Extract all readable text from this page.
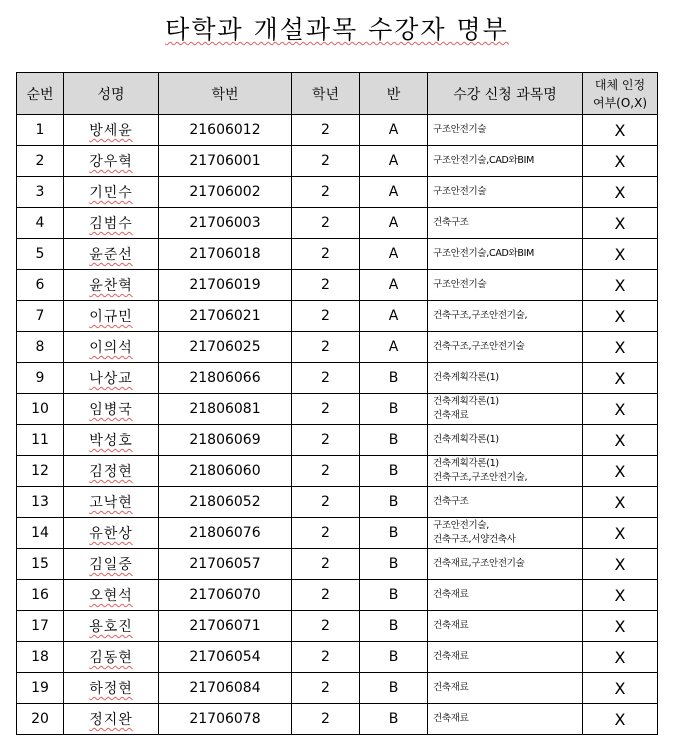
타학과 개설과목 수강자 명부
순번	성명	학번	학년	반	수강 신청 과목명	대체 인정
여부(O,X)

1	방세윤	21606012	2	A	구조안전기술	X
2	강우혁	21706001	2	A	구조안전기술,CAD와BIM	X
3	기민수	21706002	2	A	구조안전기술	X
4	김범수	21706003	2	A	건축구조	X
5	윤준선	21706018	2	A	구조안전기술,CAD와BIM	X
6	윤찬혁	21706019	2	A	구조안전기술	X
7	이규민	21706021	2	A	건축구조,구조안전기술,	X
8	이의석	21706025	2	A	건축구조,구조안전기술	X
9	나상교	21806066	2	B	건축계획각론(1)	X
10	임병국	21806081	2	B	건축계획각론(1)
건축재료	X
11	박성호	21806069	2	B	건축계획각론(1)	X
12	김정현	21806060	2	B	건축계획각론(1)
건축구조,구조안전기술,	X
13	고낙현	21806052	2	B	건축구조	X
14	유한상	21806076	2	B	구조안전기술,
건축구조,서양건축사	X
15	김일중	21706057	2	B	건축재료,구조안전기술	X
16	오현석	21706070	2	B	건축재료	X
17	용호진	21706071	2	B	건축재료	X
18	김동현	21706054	2	B	건축재료	X
19	하정현	21706084	2	B	건축재료	X
20	정지완	21706078	2	B	건축재료	X
